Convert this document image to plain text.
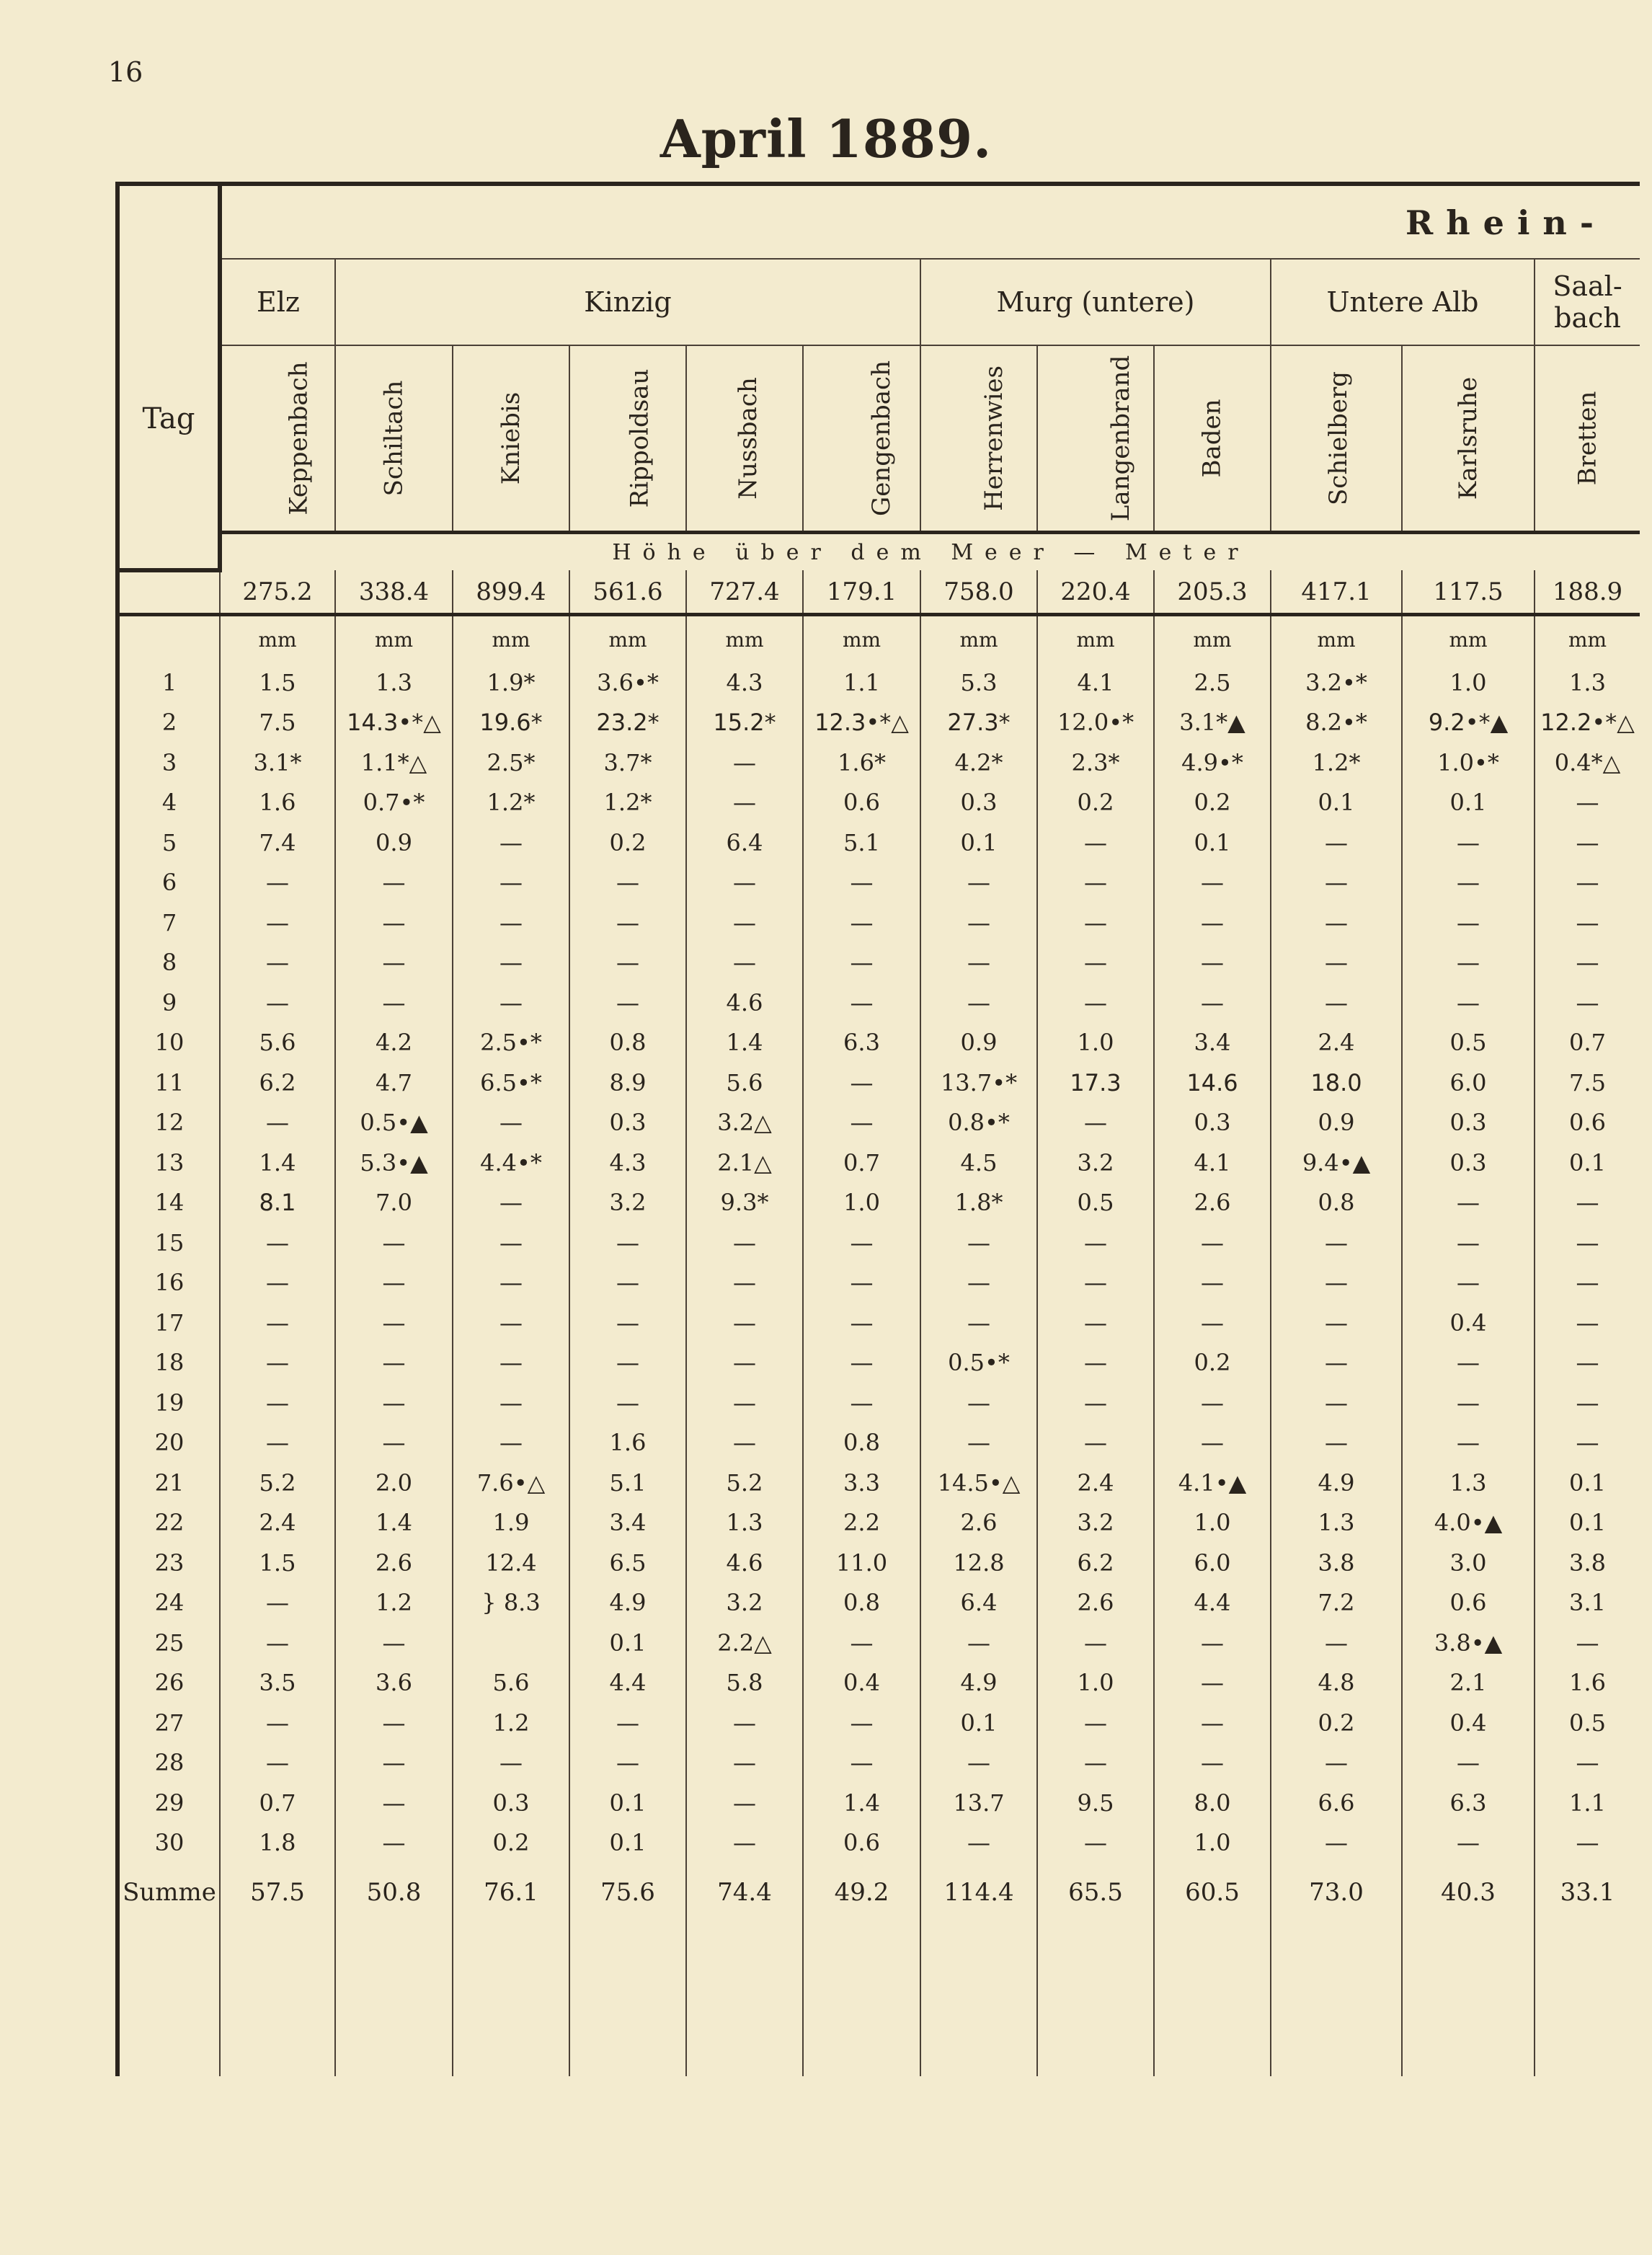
16
April 1889.
Rhein-
Tag												
	Elz	Kinzig					Murg (untere)			Untere Alb		Saal-bach
	Keppenbach	Schiltach	Kniebis	Rippoldsau	Nussbach	Gengenbach	Herrenwies	Langenbrand	Baden	Schielberg	Karlsruhe	Bretten
	Höhe über dem Meer — Meter											
	275.2	338.4	899.4	561.6	727.4	179.1	758.0	220.4	205.3	417.1	117.5	188.9
	mm	mm	mm	mm	mm	mm	mm	mm	mm	mm	mm	mm
1	1.5	1.3	1.9*	3.6•*	4.3	1.1	5.3	4.1	2.5	3.2•*	1.0	1.3
2	7.5	14.3•*△	19.6*	23.2*	15.2*	12.3•*△	27.3*	12.0•*	3.1*▲	8.2•*	9.2•*▲	12.2•*△
3	3.1*	1.1*△	2.5*	3.7*	—	1.6*	4.2*	2.3*	4.9•*	1.2*	1.0•*	0.4*△
4	1.6	0.7•*	1.2*	1.2*	—	0.6	0.3	0.2	0.2	0.1	0.1	—
5	7.4	0.9	—	0.2	6.4	5.1	0.1	—	0.1	—	—	—
6	—	—	—	—	—	—	—	—	—	—	—	—
7	—	—	—	—	—	—	—	—	—	—	—	—
8	—	—	—	—	—	—	—	—	—	—	—	—
9	—	—	—	—	4.6	—	—	—	—	—	—	—
10	5.6	4.2	2.5•*	0.8	1.4	6.3	0.9	1.0	3.4	2.4	0.5	0.7
11	6.2	4.7	6.5•*	8.9	5.6	—	13.7•*	17.3	14.6	18.0	6.0	7.5
12	—	0.5•▲	—	0.3	3.2△	—	0.8•*	—	0.3	0.9	0.3	0.6
13	1.4	5.3•▲	4.4•*	4.3	2.1△	0.7	4.5	3.2	4.1	9.4•▲	0.3	0.1
14	8.1	7.0	—	3.2	9.3*	1.0	1.8*	0.5	2.6	0.8	—	—
15	—	—	—	—	—	—	—	—	—	—	—	—
16	—	—	—	—	—	—	—	—	—	—	—	—
17	—	—	—	—	—	—	—	—	—	—	0.4	—
18	—	—	—	—	—	—	0.5•*	—	0.2	—	—	—
19	—	—	—	—	—	—	—	—	—	—	—	—
20	—	—	—	1.6	—	0.8	—	—	—	—	—	—
21	5.2	2.0	7.6•△	5.1	5.2	3.3	14.5•△	2.4	4.1•▲	4.9	1.3	0.1
22	2.4	1.4	1.9	3.4	1.3	2.2	2.6	3.2	1.0	1.3	4.0•▲	0.1
23	1.5	2.6	12.4	6.5	4.6	11.0	12.8	6.2	6.0	3.8	3.0	3.8
24	—	1.2	} 8.3	4.9	3.2	0.8	6.4	2.6	4.4	7.2	0.6	3.1
25	—	—		0.1	2.2△	—	—	—	—	—	3.8•▲	—
26	3.5	3.6	5.6	4.4	5.8	0.4	4.9	1.0	—	4.8	2.1	1.6
27	—	—	1.2	—	—	—	0.1	—	—	0.2	0.4	0.5
28	—	—	—	—	—	—	—	—	—	—	—	—
29	0.7	—	0.3	0.1	—	1.4	13.7	9.5	8.0	6.6	6.3	1.1
30	1.8	—	0.2	0.1	—	0.6	—	—	1.0	—	—	—
Summe	57.5	50.8	76.1	75.6	74.4	49.2	114.4	65.5	60.5	73.0	40.3	33.1
